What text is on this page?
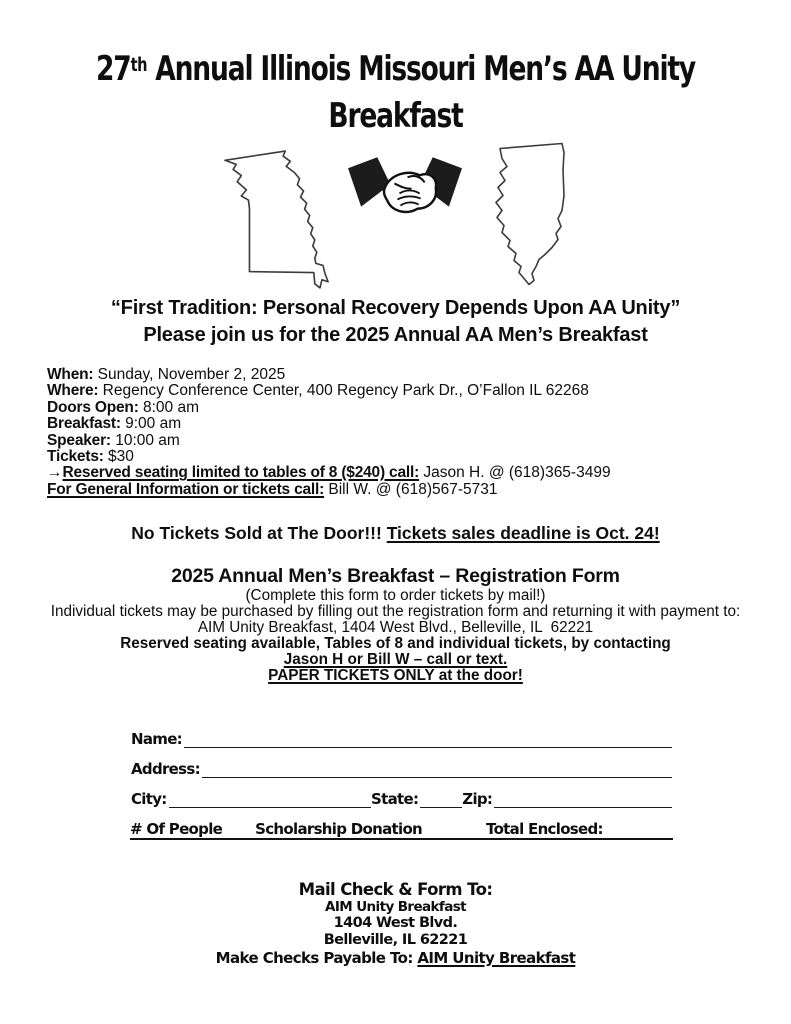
27th Annual Illinois Missouri Men’s AA Unity
Breakfast
“First Tradition: Personal Recovery Depends Upon AA Unity”
Please join us for the 2025 Annual AA Men’s Breakfast
When: Sunday, November 2, 2025
Where: Regency Conference Center, 400 Regency Park Dr., O’Fallon IL 62268
Doors Open: 8:00 am
Breakfast: 9:00 am
Speaker: 10:00 am
Tickets: $30
→Reserved seating limited to tables of 8 ($240) call: Jason H. @ (618)365-3499
For General Information or tickets call: Bill W. @ (618)567-5731
No Tickets Sold at The Door!!! Tickets sales deadline is Oct. 24!
2025 Annual Men’s Breakfast – Registration Form
(Complete this form to order tickets by mail!)
Individual tickets may be purchased by filling out the registration form and returning it with payment to:
AIM Unity Breakfast, 1404 West Blvd., Belleville, IL  62221
Reserved seating available, Tables of 8 and individual tickets, by contacting
Jason H or Bill W – call or text.
PAPER TICKETS ONLY at the door!
Name:
Address:
City:	State:	Zip:
# Of People Scholarship Donation	Total Enclosed:
Mail Check & Form To:
AIM Unity Breakfast
1404 West Blvd.
Belleville, IL 62221
Make Checks Payable To: AIM Unity Breakfast
